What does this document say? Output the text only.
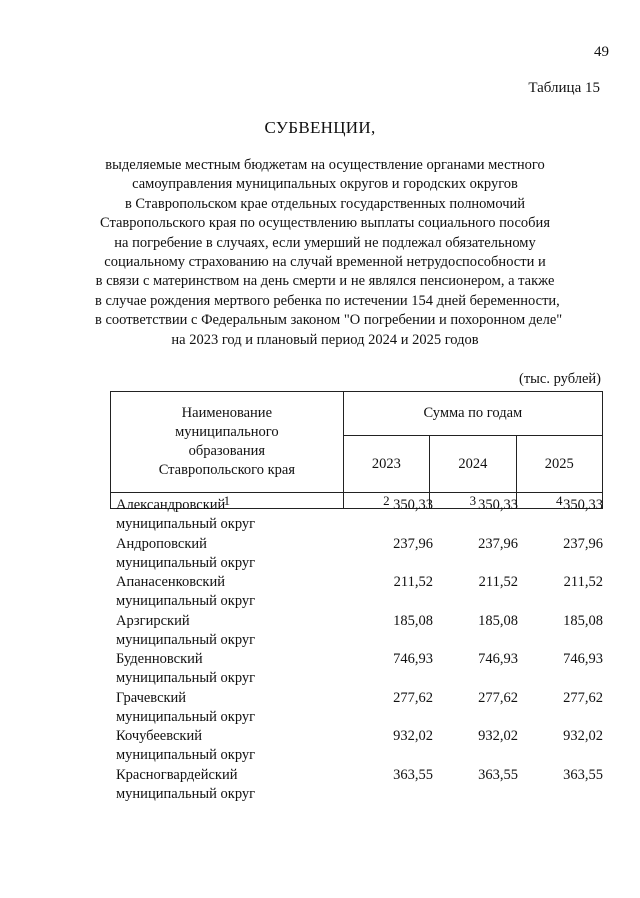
49
Таблица 15
СУБВЕНЦИИ,
выделяемые местным бюджетам на осуществление органами местного
самоуправления муниципальных округов и городских округов
в Ставропольском крае отдельных государственных полномочий
Ставропольского края по осуществлению выплаты социального пособия
на погребение в случаях, если умерший не подлежал обязательному
социальному страхованию на случай временной нетрудоспособности и
в связи с материнством на день смерти и не являлся пенсионером, а также
в случае рождения мертвого ребенка по истечении 154 дней беременности,
в соответствии с Федеральным законом "О погребении и похоронном деле"
на 2023 год и плановый период 2024 и 2025 годов
(тыс. рублей)
Наименование
муниципального
образования
Ставропольского края	Сумма по годам		
	2023	2024	2025
1	2	3	4
Александровский
муниципальный округ
350,33	350,33	350,33
Андроповский
муниципальный округ
237,96	237,96	237,96
Апанасенковский
муниципальный округ
211,52	211,52	211,52
Арзгирский
муниципальный округ
185,08	185,08	185,08
Буденновский
муниципальный округ
746,93	746,93	746,93
Грачевский
муниципальный округ
277,62	277,62	277,62
Кочубеевский
муниципальный округ
932,02	932,02	932,02
Красногвардейский
муниципальный округ
363,55	363,55	363,55
